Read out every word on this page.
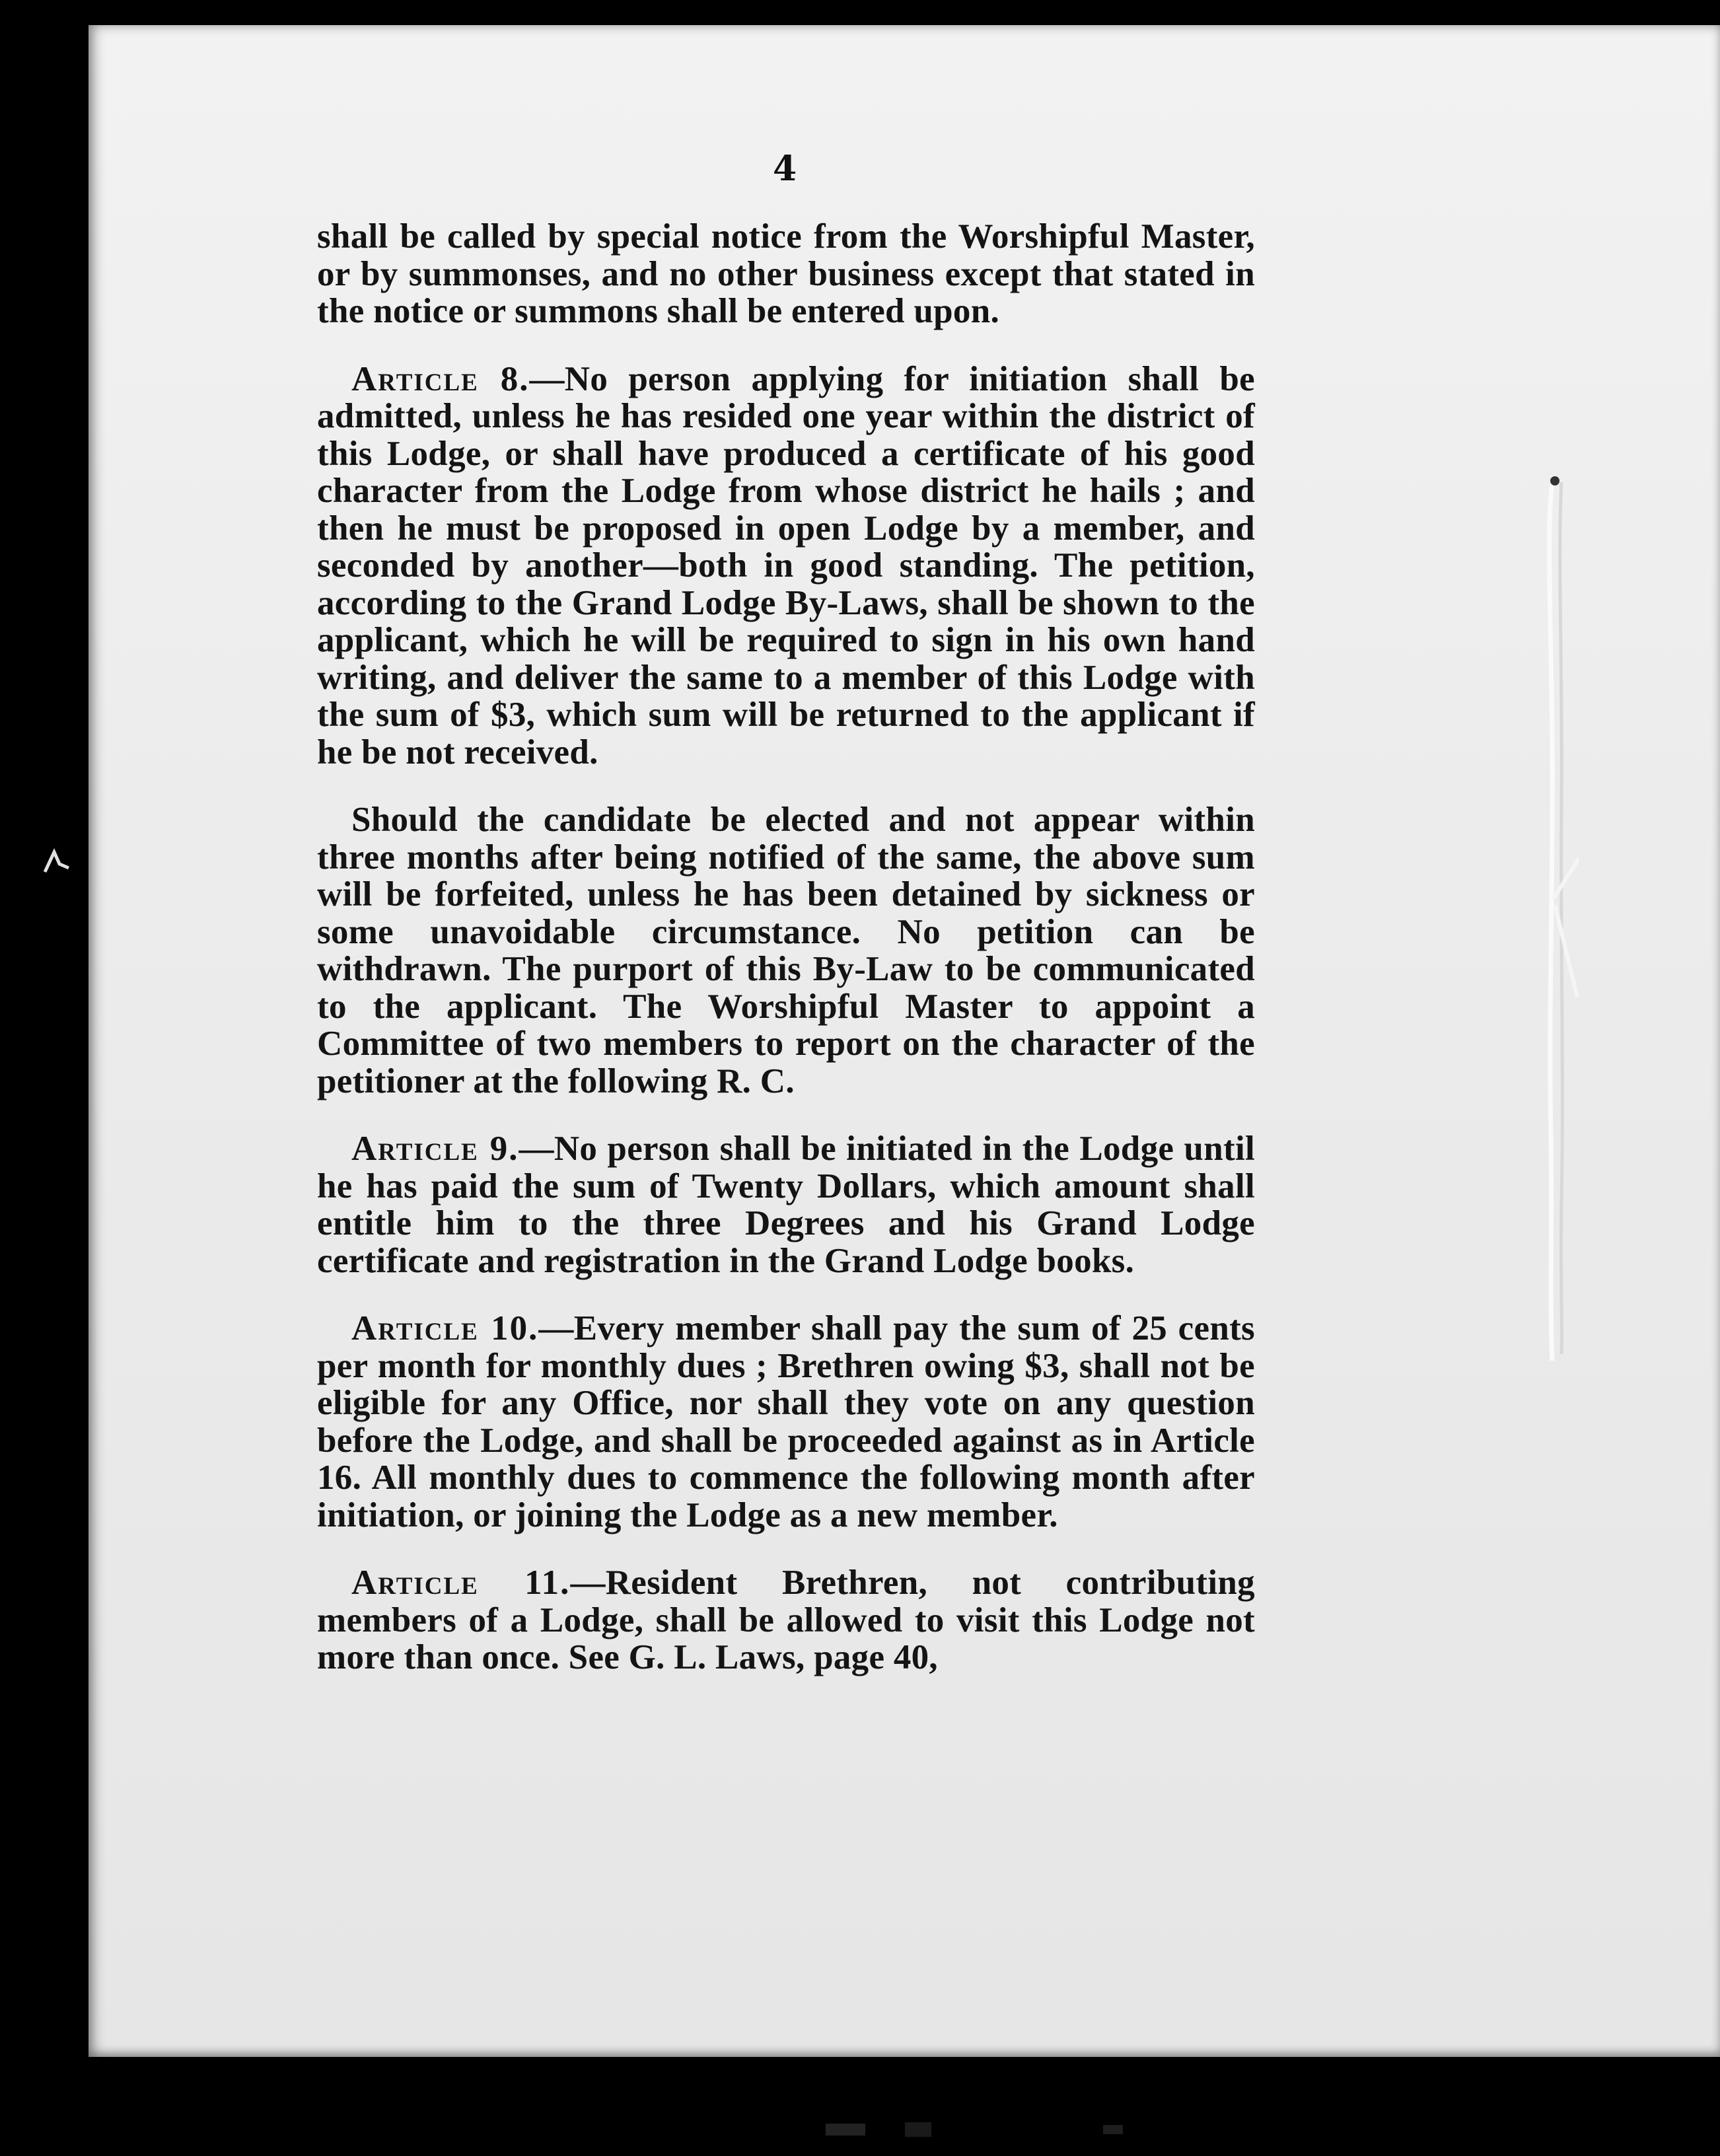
4

shall be called by special notice from the Worshipful Master, or by summonses, and no other business except that stated in the notice or summons shall be entered upon.

Article 8.—No person applying for initiation shall be admitted, unless he has resided one year within the district of this Lodge, or shall have produced a certificate of his good character from the Lodge from whose district he hails ; and then he must be proposed in open Lodge by a member, and seconded by another—both in good standing. The petition, according to the Grand Lodge By-Laws, shall be shown to the applicant, which he will be required to sign in his own hand writing, and deliver the same to a member of this Lodge with the sum of $3, which sum will be returned to the applicant if he be not received.

Should the candidate be elected and not appear within three months after being notified of the same, the above sum will be forfeited, unless he has been detained by sickness or some unavoidable circumstance. No petition can be withdrawn. The purport of this By-Law to be communicated to the applicant. The Worshipful Master to appoint a Committee of two members to report on the character of the petitioner at the following R. C.

Article 9.—No person shall be initiated in the Lodge until he has paid the sum of Twenty Dollars, which amount shall entitle him to the three Degrees and his Grand Lodge certificate and registration in the Grand Lodge books.

Article 10.—Every member shall pay the sum of 25 cents per month for monthly dues ; Brethren owing $3, shall not be eligible for any Office, nor shall they vote on any question before the Lodge, and shall be proceeded against as in Article 16. All monthly dues to commence the following month after initiation, or joining the Lodge as a new member.

Article 11.—Resident Brethren, not contributing members of a Lodge, shall be allowed to visit this Lodge not more than once. See G. L. Laws, page 40,
